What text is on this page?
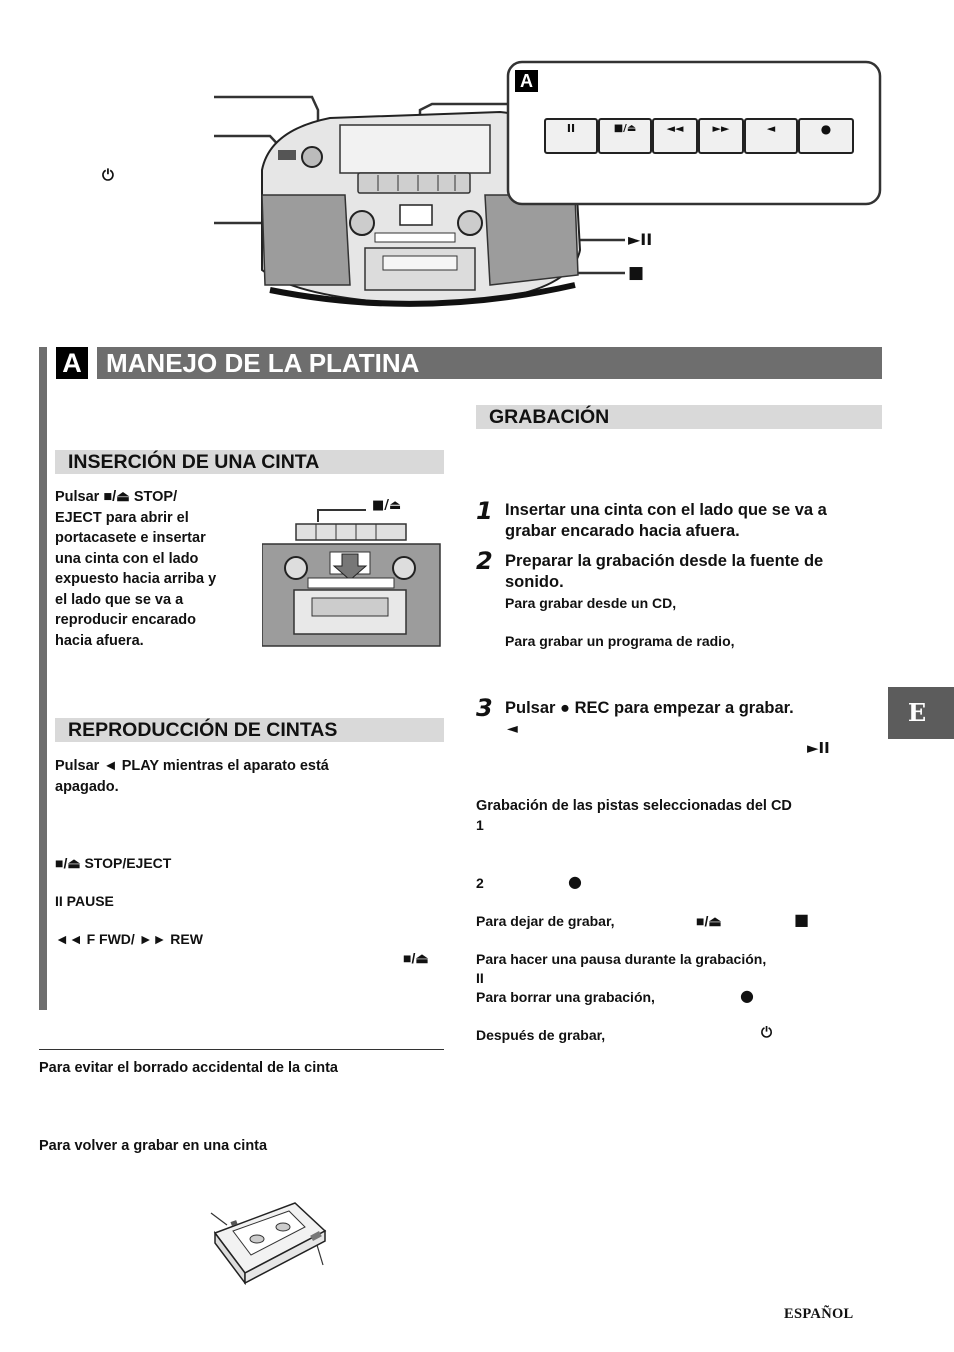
A
II	■/⏏	◄◄	►►	◄	●
⏻
►II
■
A MANEJO DE LA PLATINA
INSERCIÓN DE UNA CINTA
Pulsar ■/⏏ STOP/
EJECT para abrir el
portacasete e insertar
una cinta con el lado
expuesto hacia arriba y
el lado que se va a
reproducir encarado
hacia afuera.
■/⏏
REPRODUCCIÓN DE CINTAS
Pulsar ◄ PLAY mientras el aparato está
apagado.
■/⏏ STOP/EJECT
II PAUSE
◄◄ F FWD/ ►► REW
■/⏏
Para evitar el borrado accidental de la cinta
Para volver a grabar en una cinta
GRABACIÓN
1 Insertar una cinta con el lado que se va a
grabar encarado hacia afuera.
2 Preparar la grabación desde la fuente de
sonido.
Para grabar desde un CD,
Para grabar un programa de radio,
3 Pulsar ● REC para empezar a grabar.
◄
►II
Grabación de las pistas seleccionadas del CD
1
2	●
Para dejar de grabar,	■/⏏	■
Para hacer una pausa durante la grabación,
II
Para borrar una grabación,	●
Después de grabar,	⏻
E
ESPAÑOL
